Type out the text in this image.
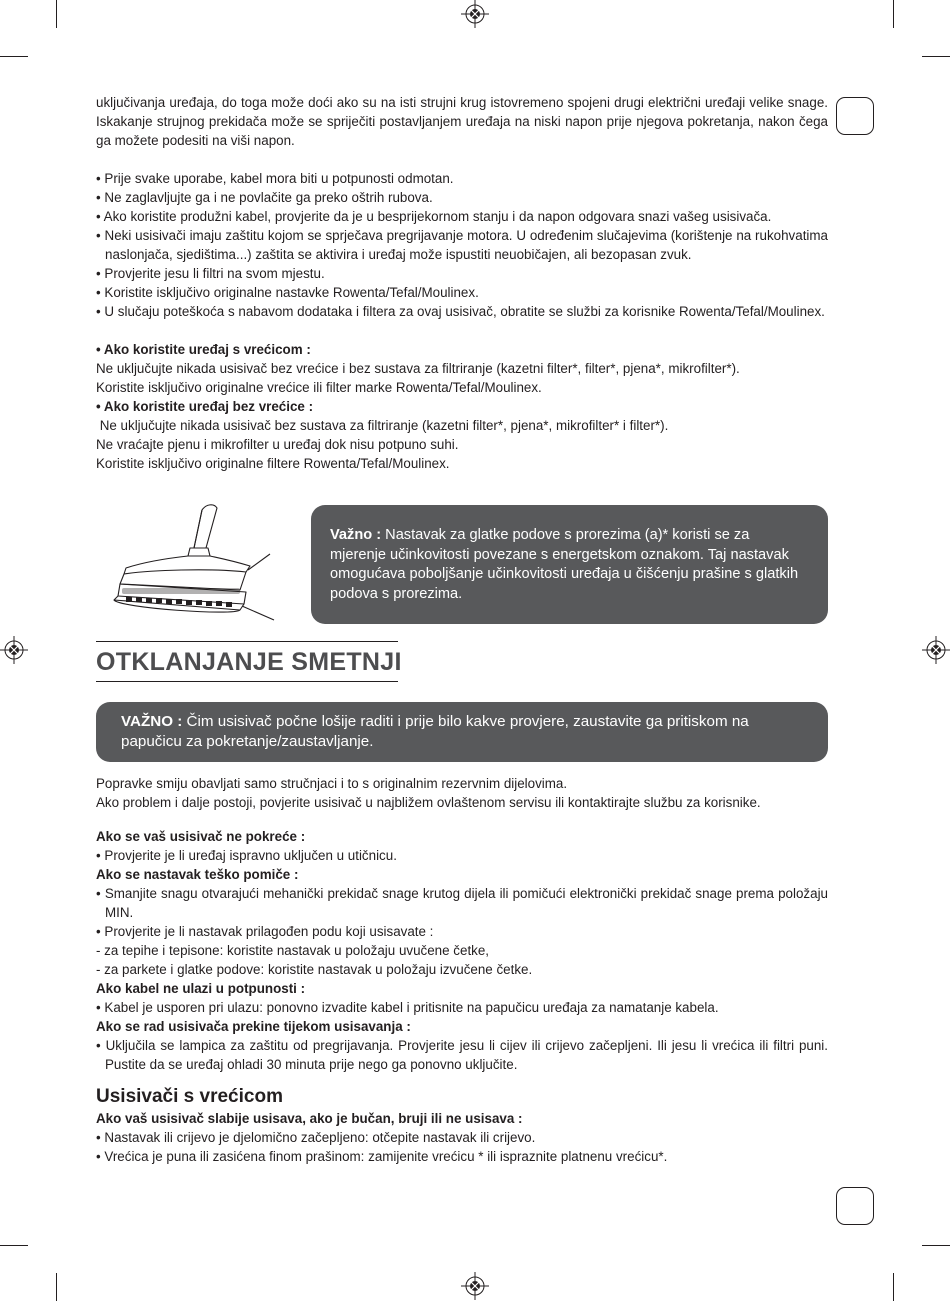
uključivanja uređaja, do toga može doći ako su na isti strujni krug istovremeno spojeni drugi električni uređaji velike snage. Iskakanje strujnog prekidača može se spriječiti postavljanjem uređaja na niski napon prije njegova pokretanja, nakon čega ga možete podesiti na viši napon.

• Prije svake uporabe, kabel mora biti u potpunosti odmotan.

• Ne zaglavljujte ga i ne povlačite ga preko oštrih rubova.

• Ako koristite produžni kabel, provjerite da je u besprijekornom stanju i da napon odgovara snazi vašeg usisivača.

• Neki usisivači imaju zaštitu kojom se sprječava pregrijavanje motora. U određenim slučajevima (korištenje na rukohvatima naslonjača, sjedištima...) zaštita se aktivira i uređaj može ispustiti neuobičajen, ali bezopasan zvuk.

• Provjerite jesu li filtri na svom mjestu.

• Koristite isključivo originalne nastavke Rowenta/Tefal/Moulinex.

• U slučaju poteškoća s nabavom dodataka i filtera za ovaj usisivač, obratite se službi za korisnike Rowenta/Tefal/Moulinex.

• Ako koristite uređaj s vrećicom :

Ne uključujte nikada usisivač bez vrećice i bez sustava za filtriranje (kazetni filter*, filter*, pjena*, mikrofilter*).

Koristite isključivo originalne vrećice ili filter marke Rowenta/Tefal/Moulinex.

• Ako koristite uređaj bez vrećice :

Ne uključujte nikada usisivač bez sustava za filtriranje (kazetni filter*, pjena*, mikrofilter* i filter*).

Ne vraćajte pjenu i mikrofilter u uređaj dok nisu potpuno suhi.

Koristite isključivo originalne filtere Rowenta/Tefal/Moulinex.

Važno : Nastavak za glatke podove s prorezima (a)* koristi se za mjerenje učinkovitosti povezane s energetskom oznakom. Taj nastavak omogućava poboljšanje učinkovitosti uređaja u čišćenju prašine s glatkih podova s prorezima.
OTKLANJANJE SMETNJI
VAŽNO : Čim usisivač počne lošije raditi i prije bilo kakve provjere, zaustavite ga pritiskom na papučicu za pokretanje/zaustavljanje.

Popravke smiju obavljati samo stručnjaci i to s originalnim rezervnim dijelovima.

Ako problem i dalje postoji, povjerite usisivač u najbližem ovlaštenom servisu ili kontaktirajte službu za korisnike.

Ako se vaš usisivač ne pokreće :

• Provjerite je li uređaj ispravno uključen u utičnicu.

Ako se nastavak teško pomiče :

• Smanjite snagu otvarajući mehanički prekidač snage krutog dijela ili pomičući elektronički prekidač snage prema položaju MIN.

• Provjerite je li nastavak prilagođen podu koji usisavate :

- za tepihe i tepisone: koristite nastavak u položaju uvučene četke,

- za parkete i glatke podove: koristite nastavak u položaju izvučene četke.

Ako kabel ne ulazi u potpunosti :

• Kabel je usporen pri ulazu: ponovno izvadite kabel i pritisnite na papučicu uređaja za namatanje kabela.

Ako se rad usisivača prekine tijekom usisavanja :

• Uključila se lampica za zaštitu od pregrijavanja. Provjerite jesu li cijev ili crijevo začepljeni. Ili jesu li vrećica ili filtri puni. Pustite da se uređaj ohladi 30 minuta prije nego ga ponovno uključite.

Usisivači s vrećicom

Ako vaš usisivač slabije usisava, ako je bučan, bruji ili ne usisava :

• Nastavak ili crijevo je djelomično začepljeno: otčepite nastavak ili crijevo.

• Vrećica je puna ili zasićena finom prašinom: zamijenite vrećicu * ili ispraznite platnenu vrećicu*.
